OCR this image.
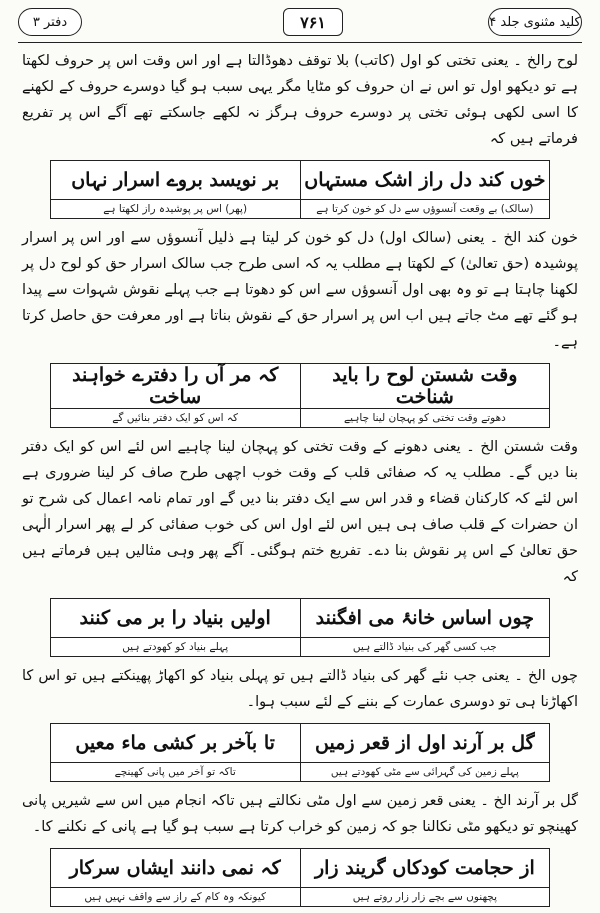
کلید مثنوی جلد ۴
۷۶۱
دفتر ۳

لوح رالخ ۔ یعنی تختی کو اول (کاتب) بلا توقف دھوڈالتا ہے اور اس وقت اس پر حروف لکھتا ہے تو دیکھو اول تو اس نے ان حروف کو مٹایا مگر یہی سبب ہو گیا دوسرے حروف کے لکھنے کا اسی لکھی ہوئی تختی پر دوسرے حروف ہرگز نہ لکھے جاسکتے تھے آگے اس پر تفریع فرماتے ہیں کہ

خوں کند دل راز اشک مستہاں	بر نویسد بروے اسرار نہاں
(سالک) بے وقعت آنسوؤں سے دل کو خون کرتا ہے	(پھر) اس پر پوشیدہ راز لکھتا ہے

خون کند الخ ۔ یعنی (سالک اول) دل کو خون کر لیتا ہے ذلیل آنسوؤں سے اور اس پر اسرار پوشیدہ (حق تعالیٰ) کے لکھتا ہے مطلب یہ کہ اسی طرح جب سالک اسرار حق کو لوح دل پر لکھنا چاہتا ہے تو وہ بھی اول آنسوؤں سے اس کو دھوتا ہے جب پہلے نقوش شہوات سے پیدا ہو گئے تھے مٹ جاتے ہیں اب اس پر اسرار حق کے نقوش بناتا ہے اور معرفت حق حاصل کرتا ہے۔

وقت شستن لوح را باید شناخت	کہ مر آں را دفترے خواہند ساخت
دھوتے وقت تختی کو پہچان لینا چاہیے	کہ اس کو ایک دفتر بنائیں گے

وقت شستن الخ ۔ یعنی دھونے کے وقت تختی کو پہچان لینا چاہیے اس لئے اس کو ایک دفتر بنا دیں گے۔ مطلب یہ کہ صفائی قلب کے وقت خوب اچھی طرح صاف کر لینا ضروری ہے اس لئے کہ کارکنان قضاء و قدر اس سے ایک دفتر بنا دیں گے اور تمام نامہ اعمال کی شرح تو ان حضرات کے قلب صاف ہی ہیں اس لئے اول اس کی خوب صفائی کر لے پھر اسرار الٰہی حق تعالیٰ کے اس پر نقوش بنا دے۔ تفریع ختم ہوگئی۔ آگے پھر وہی مثالیں ہیں فرماتے ہیں کہ

چوں اساس خانۂ می افگنند	اولیں بنیاد را بر می کنند
جب کسی گھر کی بنیاد ڈالتے ہیں	پہلے بنیاد کو کھودتے ہیں

چوں الخ ۔ یعنی جب نئے گھر کی بنیاد ڈالتے ہیں تو پہلی بنیاد کو اکھاڑ پھینکتے ہیں تو اس کا اکھاڑنا ہی تو دوسری عمارت کے بننے کے لئے سبب ہوا۔

گل بر آرند اول از قعر زمیں	تا بآخر بر کشی ماء معیں
پہلے زمین کی گہرائی سے مٹی کھودتے ہیں	تاکہ تو آخر میں پانی کھینچے

گل بر آرند الخ ۔ یعنی قعر زمین سے اول مٹی نکالتے ہیں تاکہ انجام میں اس سے شیریں پانی کھینچو تو دیکھو مٹی نکالنا جو کہ زمین کو خراب کرتا ہے سبب ہو گیا ہے پانی کے نکلنے کا۔

از حجامت کودکاں گریند زار	کہ نمی دانند ایشاں سرکار
پچھنوں سے بچے زار زار روتے ہیں	کیونکہ وہ کام کے راز سے واقف نہیں ہیں
